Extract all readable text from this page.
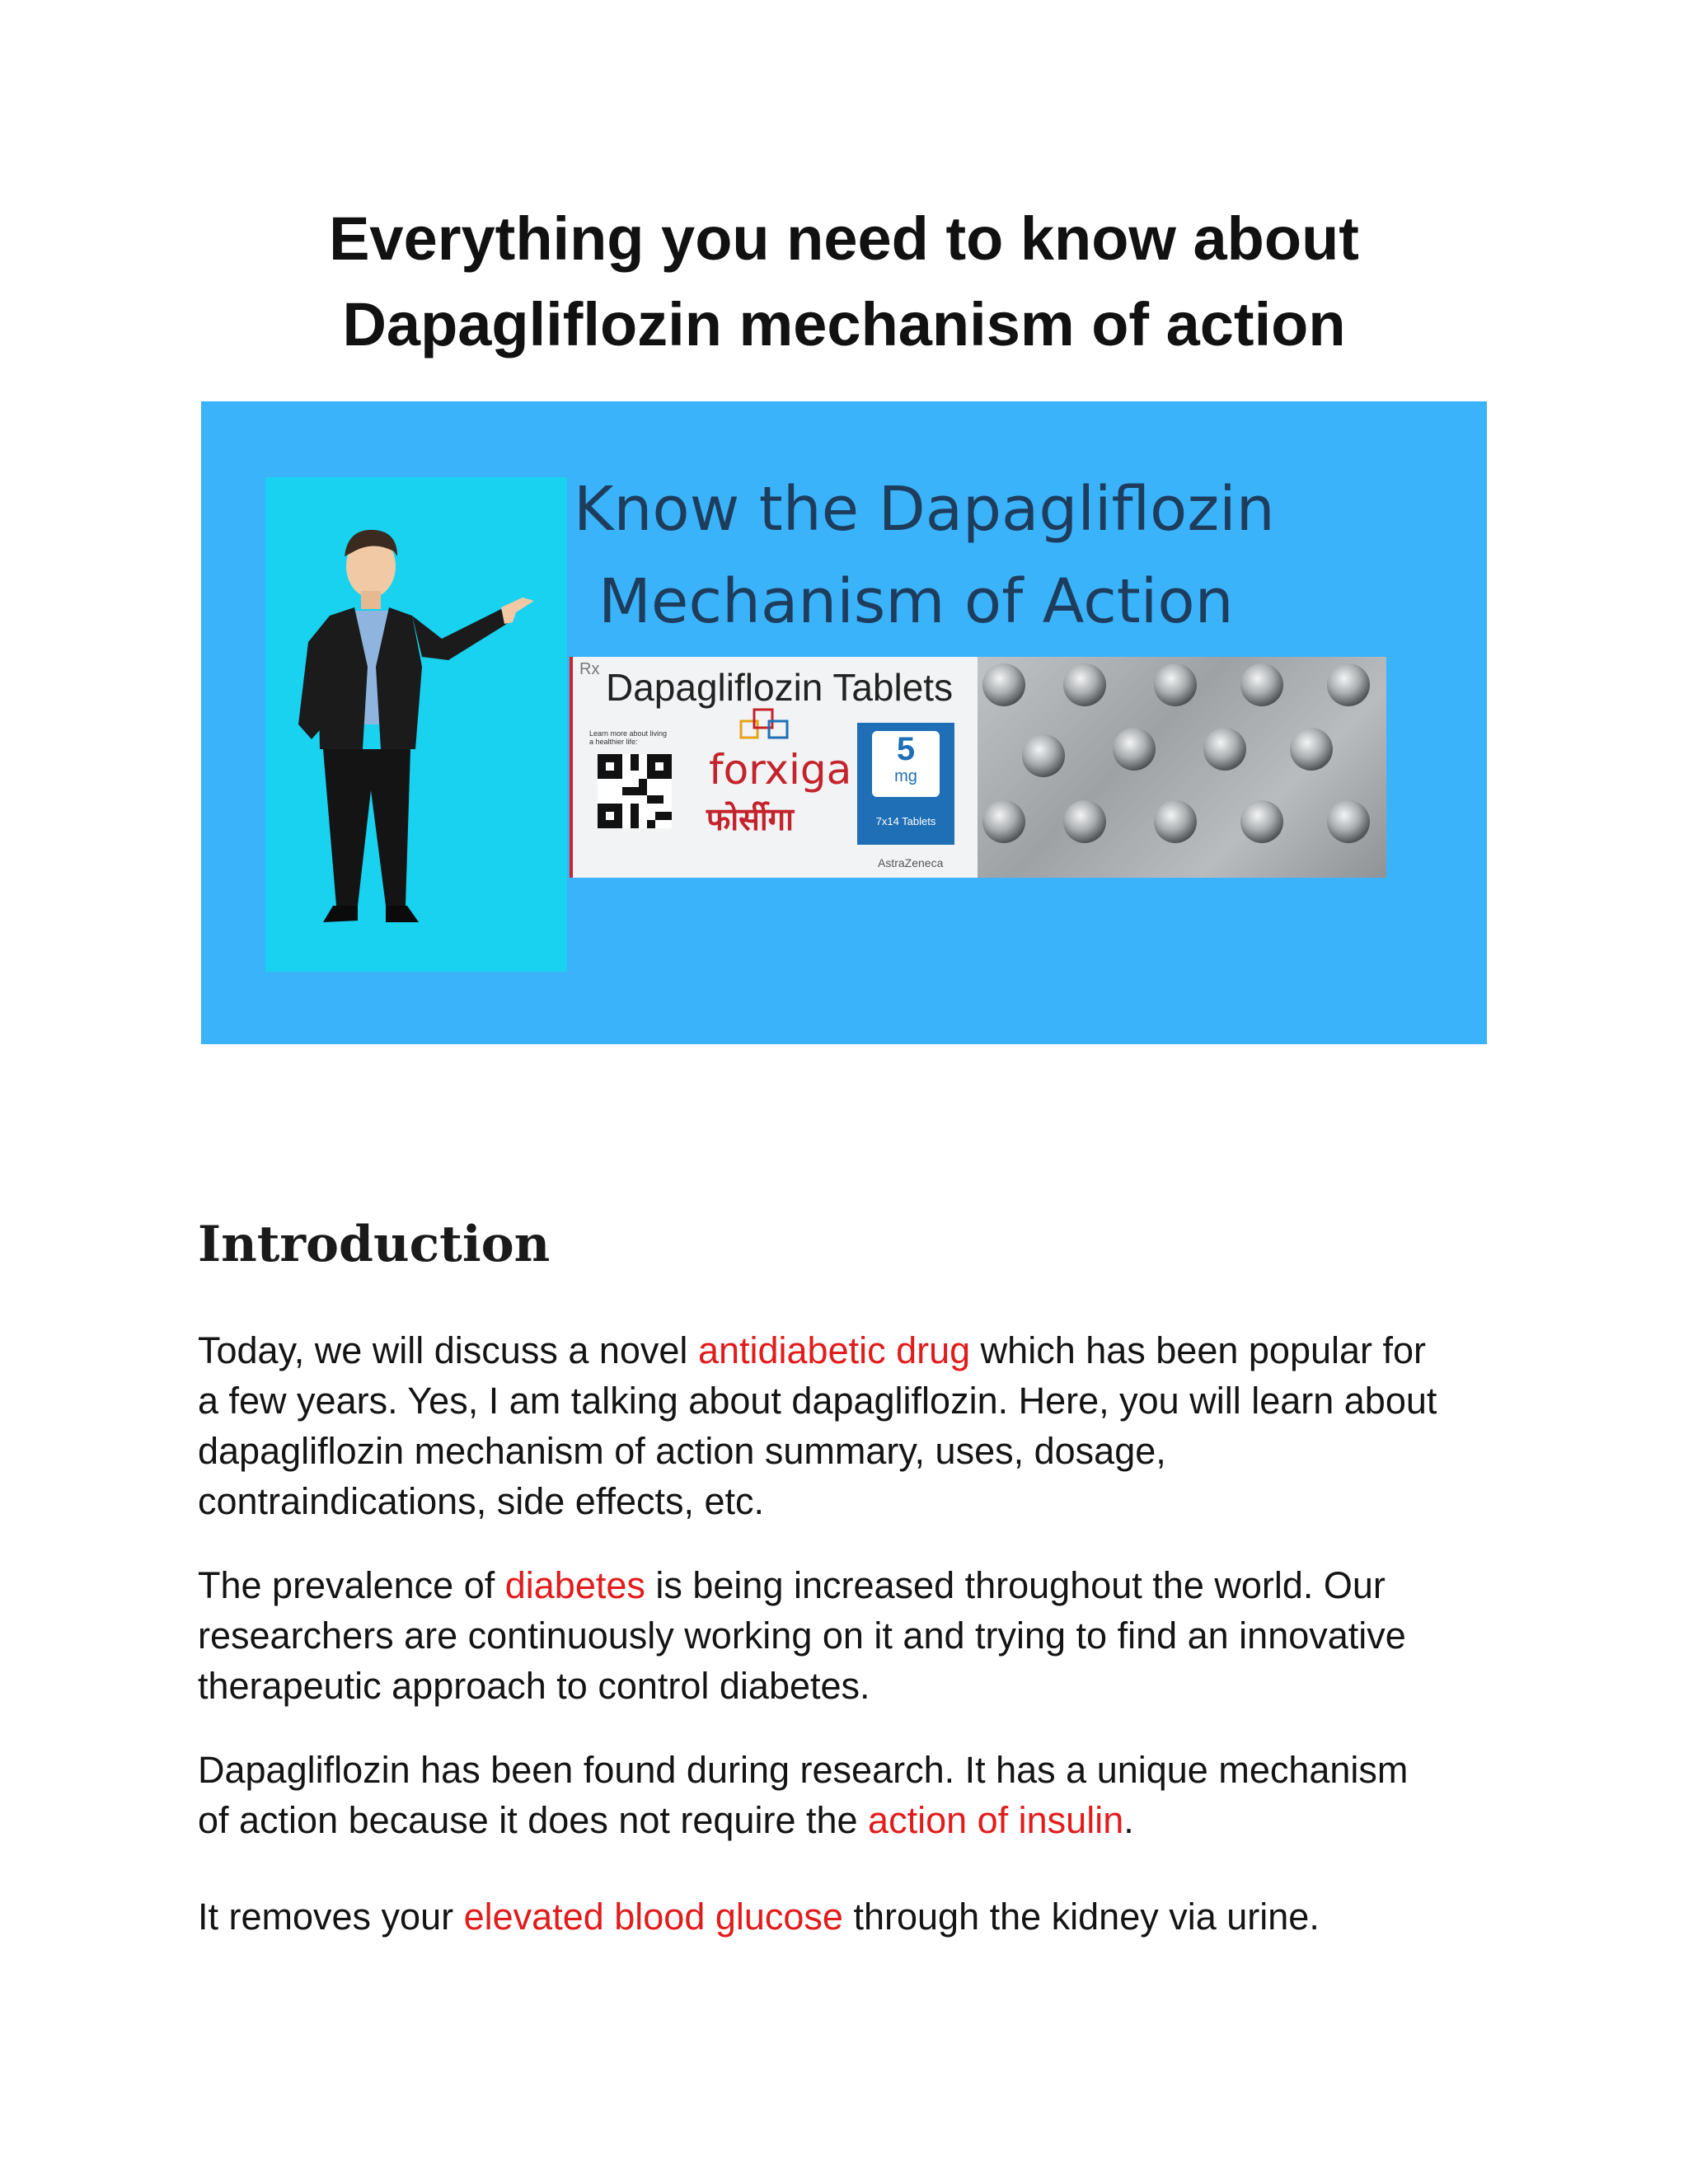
Everything you need to know about
Dapagliflozin mechanism of action
Know the Dapagliflozin
Mechanism of Action
Rx Dapagliflozin Tablets
Learn more about living a healthier life:
forxiga
फोर्सीगा
5
mg
7x14 Tablets
AstraZeneca
Introduction

Today, we will discuss a novel antidiabetic drug which has been popular for
a few years. Yes, I am talking about dapagliflozin. Here, you will learn about
dapagliflozin mechanism of action summary, uses, dosage,
contraindications, side effects, etc.

The prevalence of diabetes is being increased throughout the world. Our
researchers are continuously working on it and trying to find an innovative
therapeutic approach to control diabetes.

Dapagliflozin has been found during research. It has a unique mechanism
of action because it does not require the action of insulin.

It removes your elevated blood glucose through the kidney via urine.
